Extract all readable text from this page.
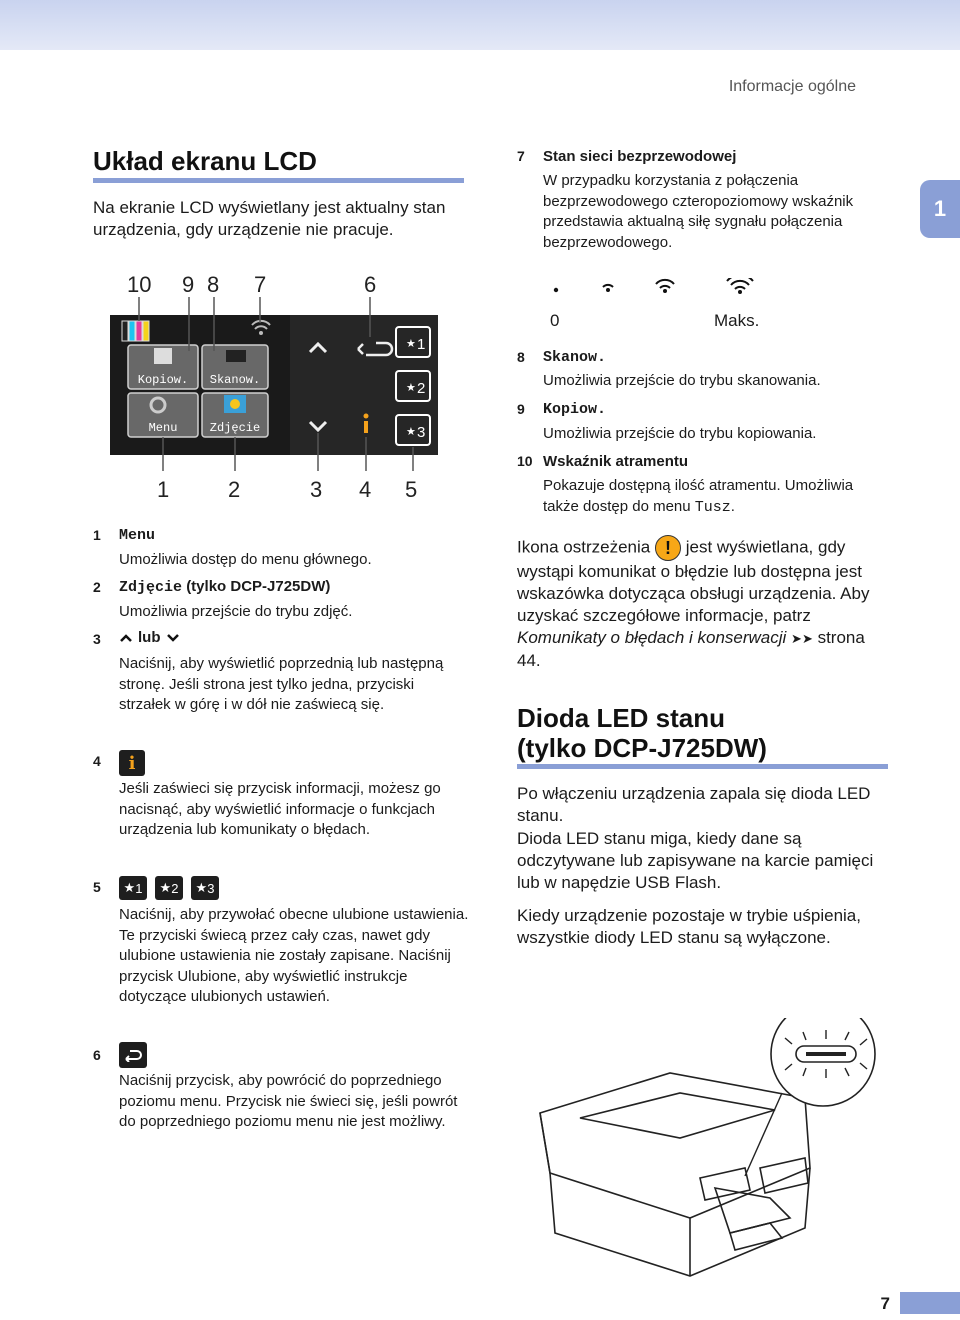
Informacje ogólne
1
Układ ekranu LCD
Na ekranie LCD wyświetlany jest aktualny stan urządzenia, gdy urządzenie nie pracuje.
Kopiow. Skanow.
Menu	Zdjęcie
★
★
★
1
2
3
10 9 8 7	6
1	2	3 4 5
1	Menu
Umożliwia dostęp do menu głównego.
2	Zdjęcie (tylko DCP-J725DW)
Umożliwia przejście do trybu zdjęć.
3	lub
Naciśnij, aby wyświetlić poprzednią lub następną stronę. Jeśli strona jest tylko jedna, przyciski strzałek w górę i w dół nie zaświecą się.
4	i
Jeśli zaświeci się przycisk informacji, możesz go nacisnąć, aby wyświetlić informacje o funkcjach urządzenia lub komunikaty o błędach.
5	★ 1	★ 2	★ 3
Naciśnij, aby przywołać obecne ulubione ustawienia. Te przyciski świecą przez cały czas, nawet gdy ulubione ustawienia nie zostały zapisane. Naciśnij przycisk Ulubione, aby wyświetlić instrukcje dotyczące ulubionych ustawień.
6
Naciśnij przycisk, aby powrócić do poprzedniego poziomu menu. Przycisk nie świeci się, jeśli powrót do poprzedniego poziomu menu nie jest możliwy.
7	Stan sieci bezprzewodowej
W przypadku korzystania z połączenia bezprzewodowego czteropoziomowy wskaźnik przedstawia aktualną siłę sygnału połączenia bezprzewodowego.
0	Maks.
8	Skanow.
Umożliwia przejście do trybu skanowania.
9	Kopiow.
Umożliwia przejście do trybu kopiowania.
10 Wskaźnik atramentu
Pokazuje dostępną ilość atramentu. Umożliwia także dostęp do menu Tusz.
Ikona ostrzeżenia ! jest wyświetlana, gdy wystąpi komunikat o błędzie lub dostępna jest wskazówka dotycząca obsługi urządzenia. Aby uzyskać szczegółowe informacje, patrz Komunikaty o błędach i konserwacji ➤➤ strona 44.
Dioda LED stanu
(tylko DCP-J725DW)
Po włączeniu urządzenia zapala się dioda LED stanu.
Dioda LED stanu miga, kiedy dane są odczytywane lub zapisywane na karcie pamięci lub w napędzie USB Flash.
Kiedy urządzenie pozostaje w trybie uśpienia, wszystkie diody LED stanu są wyłączone.
7
